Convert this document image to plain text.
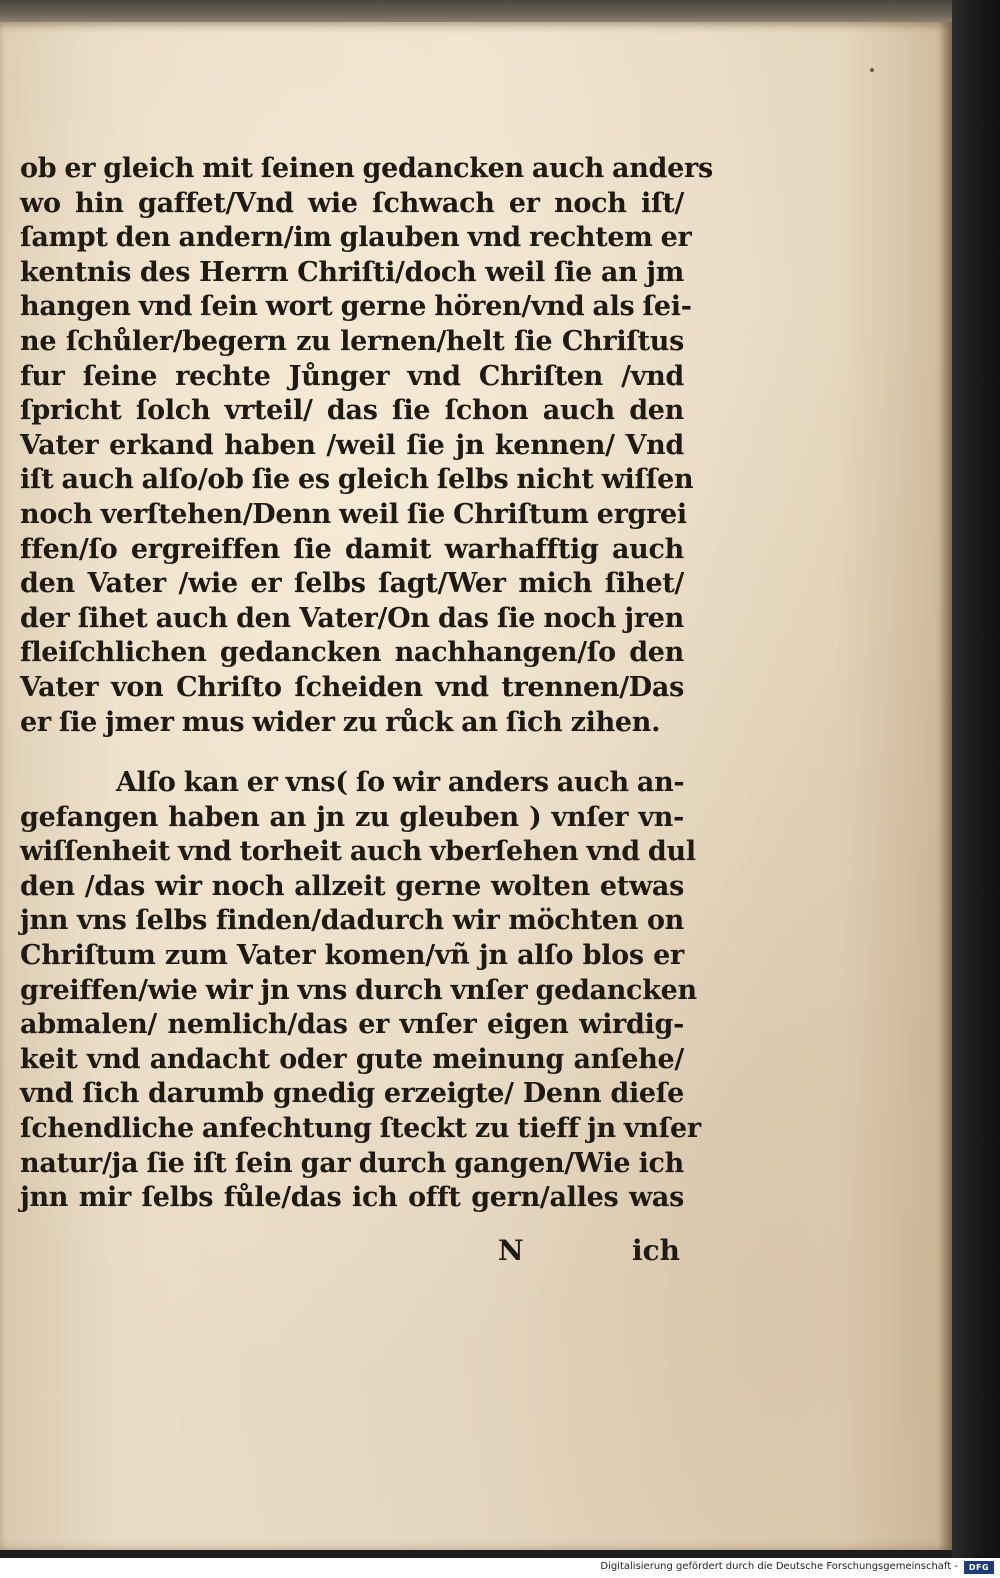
ob er gleich mit ſeinen gedancken auch anders
wo hin gaffet/Vnd wie ſchwach er noch iſt/
ſampt den andern/im glauben vnd rechtem er
kentnis des Herrn Chriſti/doch weil ſie an jm
hangen vnd ſein wort gerne hören/vnd als ſei-
ne ſchůler/begern zu lernen/helt ſie Chriſtus
fur ſeine rechte Jůnger vnd Chriſten /vnd
ſpricht ſolch vrteil/ das ſie ſchon auch den
Vater erkand haben /weil ſie jn kennen/ Vnd
iſt auch alſo/ob ſie es gleich ſelbs nicht wiſſen
noch verſtehen/Denn weil ſie Chriſtum ergrei
ffen/ſo ergreiffen ſie damit warhafftig auch
den Vater /wie er ſelbs ſagt/Wer mich ſihet/
der ſihet auch den Vater/On das ſie noch jren
fleiſchlichen gedancken nachhangen/ſo den
Vater von Chriſto ſcheiden vnd trennen/Das
er ſie jmer mus wider zu růck an ſich zihen.
Alſo kan er vns( ſo wir anders auch an-
gefangen haben an jn zu gleuben ) vnſer vn-
wiſſenheit vnd torheit auch vberſehen vnd dul
den /das wir noch allzeit gerne wolten etwas
jnn vns ſelbs finden/dadurch wir möchten on
Chriſtum zum Vater komen/vñ jn alſo blos er
greiffen/wie wir jn vns durch vnſer gedancken
abmalen/ nemlich/das er vnſer eigen wirdig-
keit vnd andacht oder gute meinung anſehe/
vnd ſich darumb gnedig erzeigte/ Denn dieſe
ſchendliche anfechtung ſteckt zu tieff jn vnſer
natur/ja ſie iſt ſein gar durch gangen/Wie ich
jnn mir ſelbs fůle/das ich offt gern/alles was
N	ich
Digitalisierung gefördert durch die Deutsche Forschungsgemeinschaft -	DFG
